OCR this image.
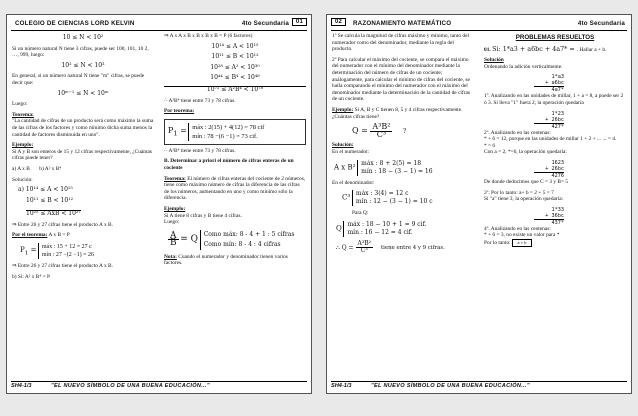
COLEGIO DE CIENCIAS LORD KELVIN	4to Secundaria	01
10 ≤ N < 10²

Si un número natural N tiene 3 cifras, puede ser 100, 101, 10 2, …, 999, luego:

10² ≤ N < 10³

En general, si un número natural N tiene "m" cifras, se puede decir que:

10ᵐ⁻¹ ≤ N < 10ᵐ

Luego:

Teorema:
"La cantidad de cifras de un producto será como máximo la suma de las cifras de los factores y como mínimo dicha suma menos la cantidad de factores disminuida en uno".

Ejemplo:
Si A y B son enteros de 15 y 12 cifras respectivamente, ¿Cuántas cifras puede tener?

a) A x B b) A² x B⁴

Solución:

a) 10¹⁴ ≤ A < 10¹⁵
10¹¹ ≤ B < 10¹²
10²⁵ ≤ AxB < 10²⁷

⇒ Entre 26 y 27 cifras tiene el producto A x B.

Por el teorema: A x B = P

$P_1$ = máx : 15 + 12 = 27 c
mín : 27 −(2 −1) = 26

⇒ Entre 26 y 27 cifras tiene el producto A x B.

b) Si: A² x B⁴ = P

⇒ A x A x B x B x B x B = P (6 factores)

10¹⁴ ≤ A < 10¹⁵
10¹¹ ≤ B < 10¹²
10²⁸ ≤ A² < 10³⁰
10⁴⁴ ≤ B⁴ < 10⁴⁸
10⁷² ≤ A²B⁴ < 10⁷⁸

∴ A²B⁴ tiene entre 73 y 78 cifras.

Por teorema:

$P_1$ = máx : 2(15) + 4(12) = 78 cif
mín : 78 −(6 −1) = 73 cif.

∴ A²B⁴ tiene entre 73 y 78 cifras.

B. Determinar a priori el número de cifras enteras de un cociente

Teorema: El número de cifras enteras del cociente de 2 números, tiene como máximo número de cifras la diferencia de las cifras de los números, aumentando en uno y como mínimo sólo la diferencia.

Ejemplo:
Si A tiene 8 cifras y B tiene 4 cifras.
Luego:

$\frac{A}{B} = Q$ Como máx: 8 - 4 + 1 : 5 cifras
Como mín: 8 - 4 : 4 cifras

Nota: Cuando el numerador y denominador tienen varios factores.

SH4-1/3	"EL NUEVO SÍMBOLO DE UNA BUENA EDUCACIÓN..."
02	RAZONAMIENTO MATEMÁTICO	4to Secundaria

1º Se calcula la magnitud de cifras máximo y mínimo, tanto del numerador como del denominador, mediante la regla del producto.

2º Para calcular el máximo del cociente, se compara el máximo del numerador con el mínimo del denominador mediante la determinación del número de cifras de un cociente; análogamente, para calcular el mínimo de cifras del cociente, se halla comparando el mínimo del numerador con el máximo del denominador mediante la determinación de la cantidad de cifras de un cociente.

Ejemplo: Si A, B y C tienen 8, 5 y 4 cifras respectivamente. ¿Cuántas cifras tiene?

$Q = \frac{\text{A³B²}}{\text{C³}}$ ?

Solución:
En el numerador:

A x B² máx : 8 + 2(5) = 18
mín : 18 − (3 − 1) = 16

En el denominador:

C³ máx : 3(4) = 12 c
mín : 12 − (3 − 1) = 10 c

Para Q:

Q máx : 18 − 10 + 1 = 9 cif.
mín : 16 − 12 = 4 cif.
∴ $Q = \frac{\text{A³B²}}{\text{C³}}$ tiene entre 4 y 9 cifras.
PROBLEMAS RESUELTOS

01. Si: 1*a3 + a6bc + 4a7* = . Hallar a + b.

Solución
Ordenando la adición verticalmente.

1*a3
+ a6bc
4a7*

1º. Analizando en las unidades de millar, 1 + a = 8, a puede ser 2 ó 3. Si lleva "1" fuera 2, la operación quedaría

1*23
+ 26bc
427*

2º. Analizando en las centenas:
* + 6 = 12, porque en las unidades de millar 1 + 2 + ... ... = 4.
* = 6
Con a = 2, *=6, la operación quedaría:

1623
+ 26bc
4276

De donde deducimos que C = 3 y B= 5

3º. Por lo tanto: a+ b = 2 + 5 = 7
Si "a" tiene 3, la operación quedaría:

1*33
+ 36bc
437*

4º. Analizando en las centenas:
* + 6 = 3, no existe un valor para *
Por lo tanto: a + b

SH4-1/3	"EL NUEVO SÍMBOLO DE UNA BUENA EDUCACIÓN..."
